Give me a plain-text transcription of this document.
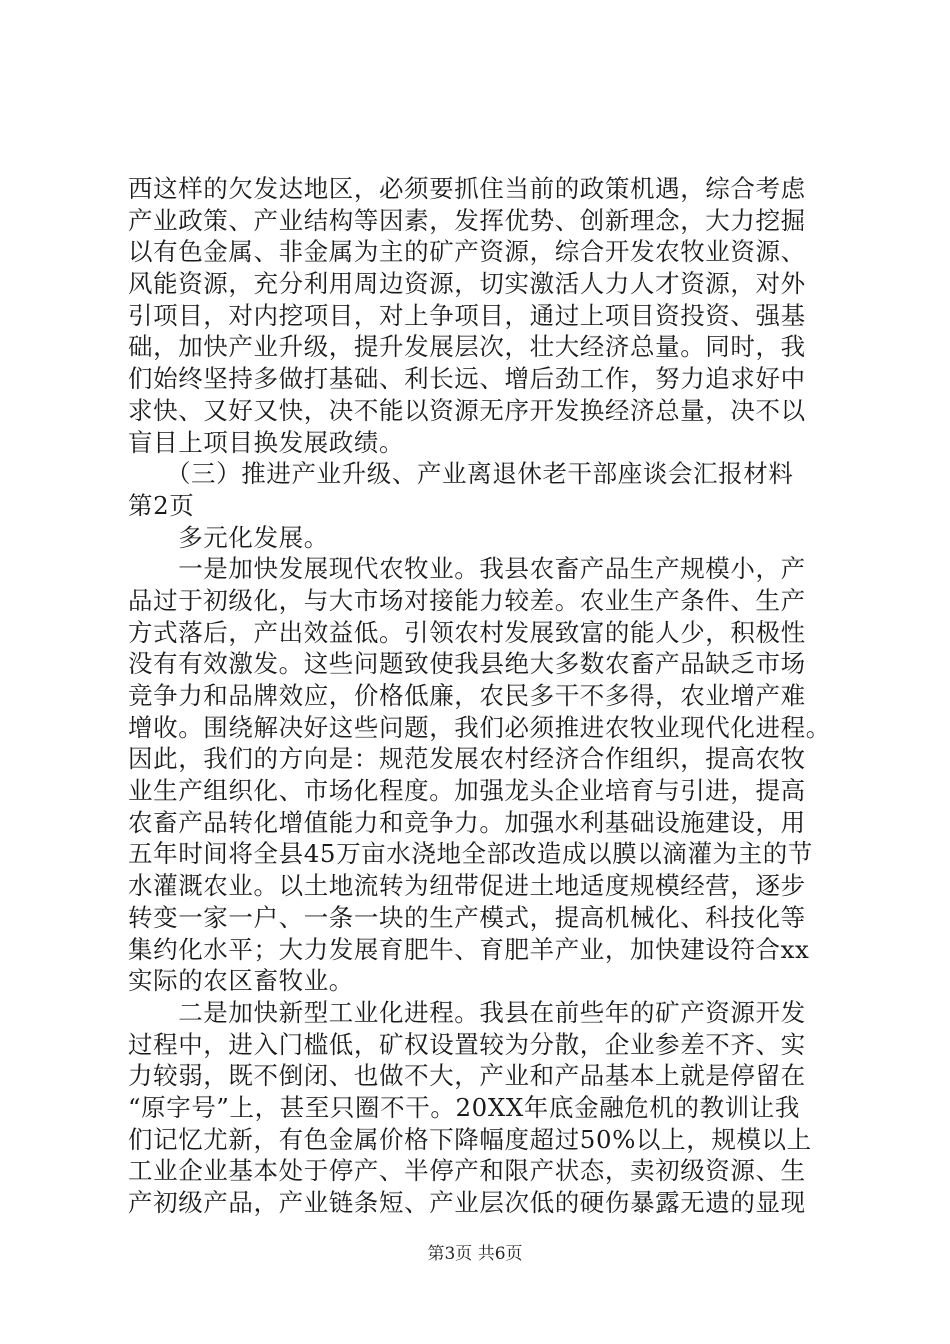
西这样的欠发达地区，必须要抓住当前的政策机遇，综合考虑
产业政策、产业结构等因素，发挥优势、创新理念，大力挖掘
以有色金属、非金属为主的矿产资源，综合开发农牧业资源、
风能资源，充分利用周边资源，切实激活人力人才资源，对外
引项目，对内挖项目，对上争项目，通过上项目资投资、强基
础，加快产业升级，提升发展层次，壮大经济总量。同时，我
们始终坚持多做打基础、利长远、增后劲工作，努力追求好中
求快、又好又快，决不能以资源无序开发换经济总量，决不以
盲目上项目换发展政绩。
　　（三）推进产业升级、产业离退休老干部座谈会汇报材料
第2页
　　多元化发展。
　　一是加快发展现代农牧业。我县农畜产品生产规模小，产
品过于初级化，与大市场对接能力较差。农业生产条件、生产
方式落后，产出效益低。引领农村发展致富的能人少，积极性
没有有效激发。这些问题致使我县绝大多数农畜产品缺乏市场
竞争力和品牌效应，价格低廉，农民多干不多得，农业增产难
增收。围绕解决好这些问题，我们必须推进农牧业现代化进程。
因此，我们的方向是：规范发展农村经济合作组织，提高农牧
业生产组织化、市场化程度。加强龙头企业培育与引进，提高
农畜产品转化增值能力和竞争力。加强水利基础设施建设，用
五年时间将全县45万亩水浇地全部改造成以膜以滴灌为主的节
水灌溉农业。以土地流转为纽带促进土地适度规模经营，逐步
转变一家一户、一条一块的生产模式，提高机械化、科技化等
集约化水平；大力发展育肥牛、育肥羊产业，加快建设符合xx
实际的农区畜牧业。
　　二是加快新型工业化进程。我县在前些年的矿产资源开发
过程中，进入门槛低，矿权设置较为分散，企业参差不齐、实
力较弱，既不倒闭、也做不大，产业和产品基本上就是停留在
“原字号”上，甚至只圈不干。20XX年底金融危机的教训让我
们记忆尤新，有色金属价格下降幅度超过50%以上，规模以上
工业企业基本处于停产、半停产和限产状态，卖初级资源、生
产初级产品，产业链条短、产业层次低的硬伤暴露无遗的显现
第3页 共6页
